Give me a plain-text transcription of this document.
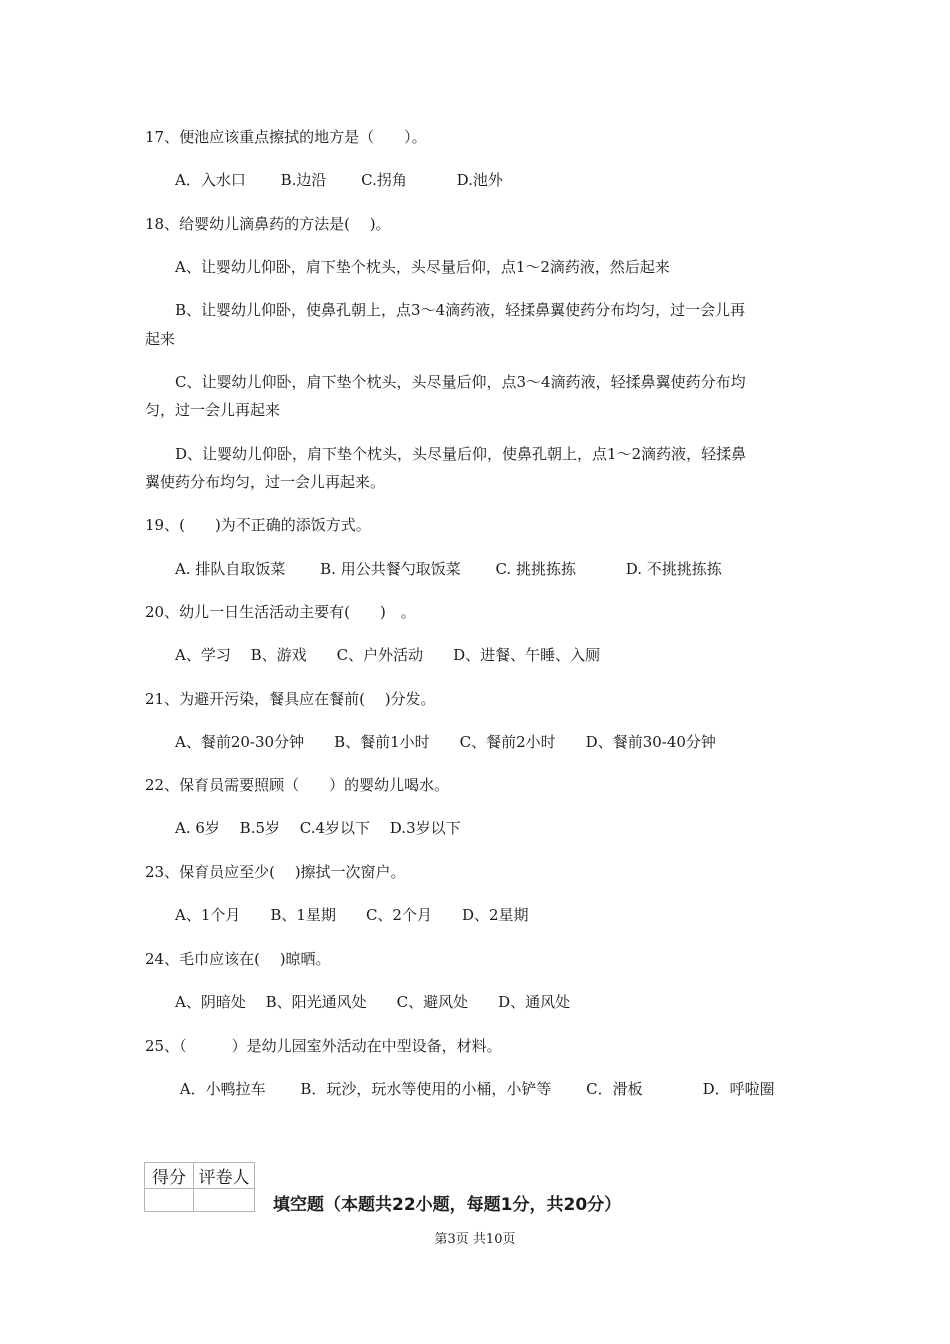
17、便池应该重点擦拭的地方是（　　）。
A．入水口　　 B.边沿　　 C.拐角　　　 D.池外
18、给婴幼儿滴鼻药的方法是(　 )。
A、让婴幼儿仰卧，肩下垫个枕头，头尽量后仰，点1～2滴药液，然后起来
B、让婴幼儿仰卧，使鼻孔朝上，点3～4滴药液，轻揉鼻翼使药分布均匀，过一会儿再
起来
C、让婴幼儿仰卧，肩下垫个枕头，头尽量后仰，点3～4滴药液，轻揉鼻翼使药分布均
匀，过一会儿再起来
D、让婴幼儿仰卧，肩下垫个枕头，头尽量后仰，使鼻孔朝上，点1～2滴药液，轻揉鼻
翼使药分布均匀，过一会儿再起来。
19、(　　)为不正确的添饭方式。
A. 排队自取饭菜　　 B. 用公共餐勺取饭菜　　 C. 挑挑拣拣　　　 D. 不挑挑拣拣
20、幼儿一日生活活动主要有(　　)　。
A、学习　 B、游戏　　C、户外活动　　D、进餐、午睡、入厕
21、为避开污染，餐具应在餐前(　 )分发。
A、餐前20-30分钟　　B、餐前1小时　　C、餐前2小时　　D、餐前30-40分钟
22、保育员需要照顾（　　）的婴幼儿喝水。
A. 6岁　 B.5岁　 C.4岁以下　 D.3岁以下
23、保育员应至少(　 )擦拭一次窗户。
A、1个月　　B、1星期　　C、2个月　　D、2星期
24、毛巾应该在(　 )晾晒。
A、阴暗处　 B、阳光通风处　　C、避风处　　D、通风处
25、（　　　）是幼儿园室外活动在中型设备，材料。
A．小鸭拉车　　 B．玩沙，玩水等使用的小桶，小铲等　　 C．滑板　　　　D．呼啦圈
得分	评卷人

填空题（本题共22小题，每题1分，共20分）
第3页 共10页
